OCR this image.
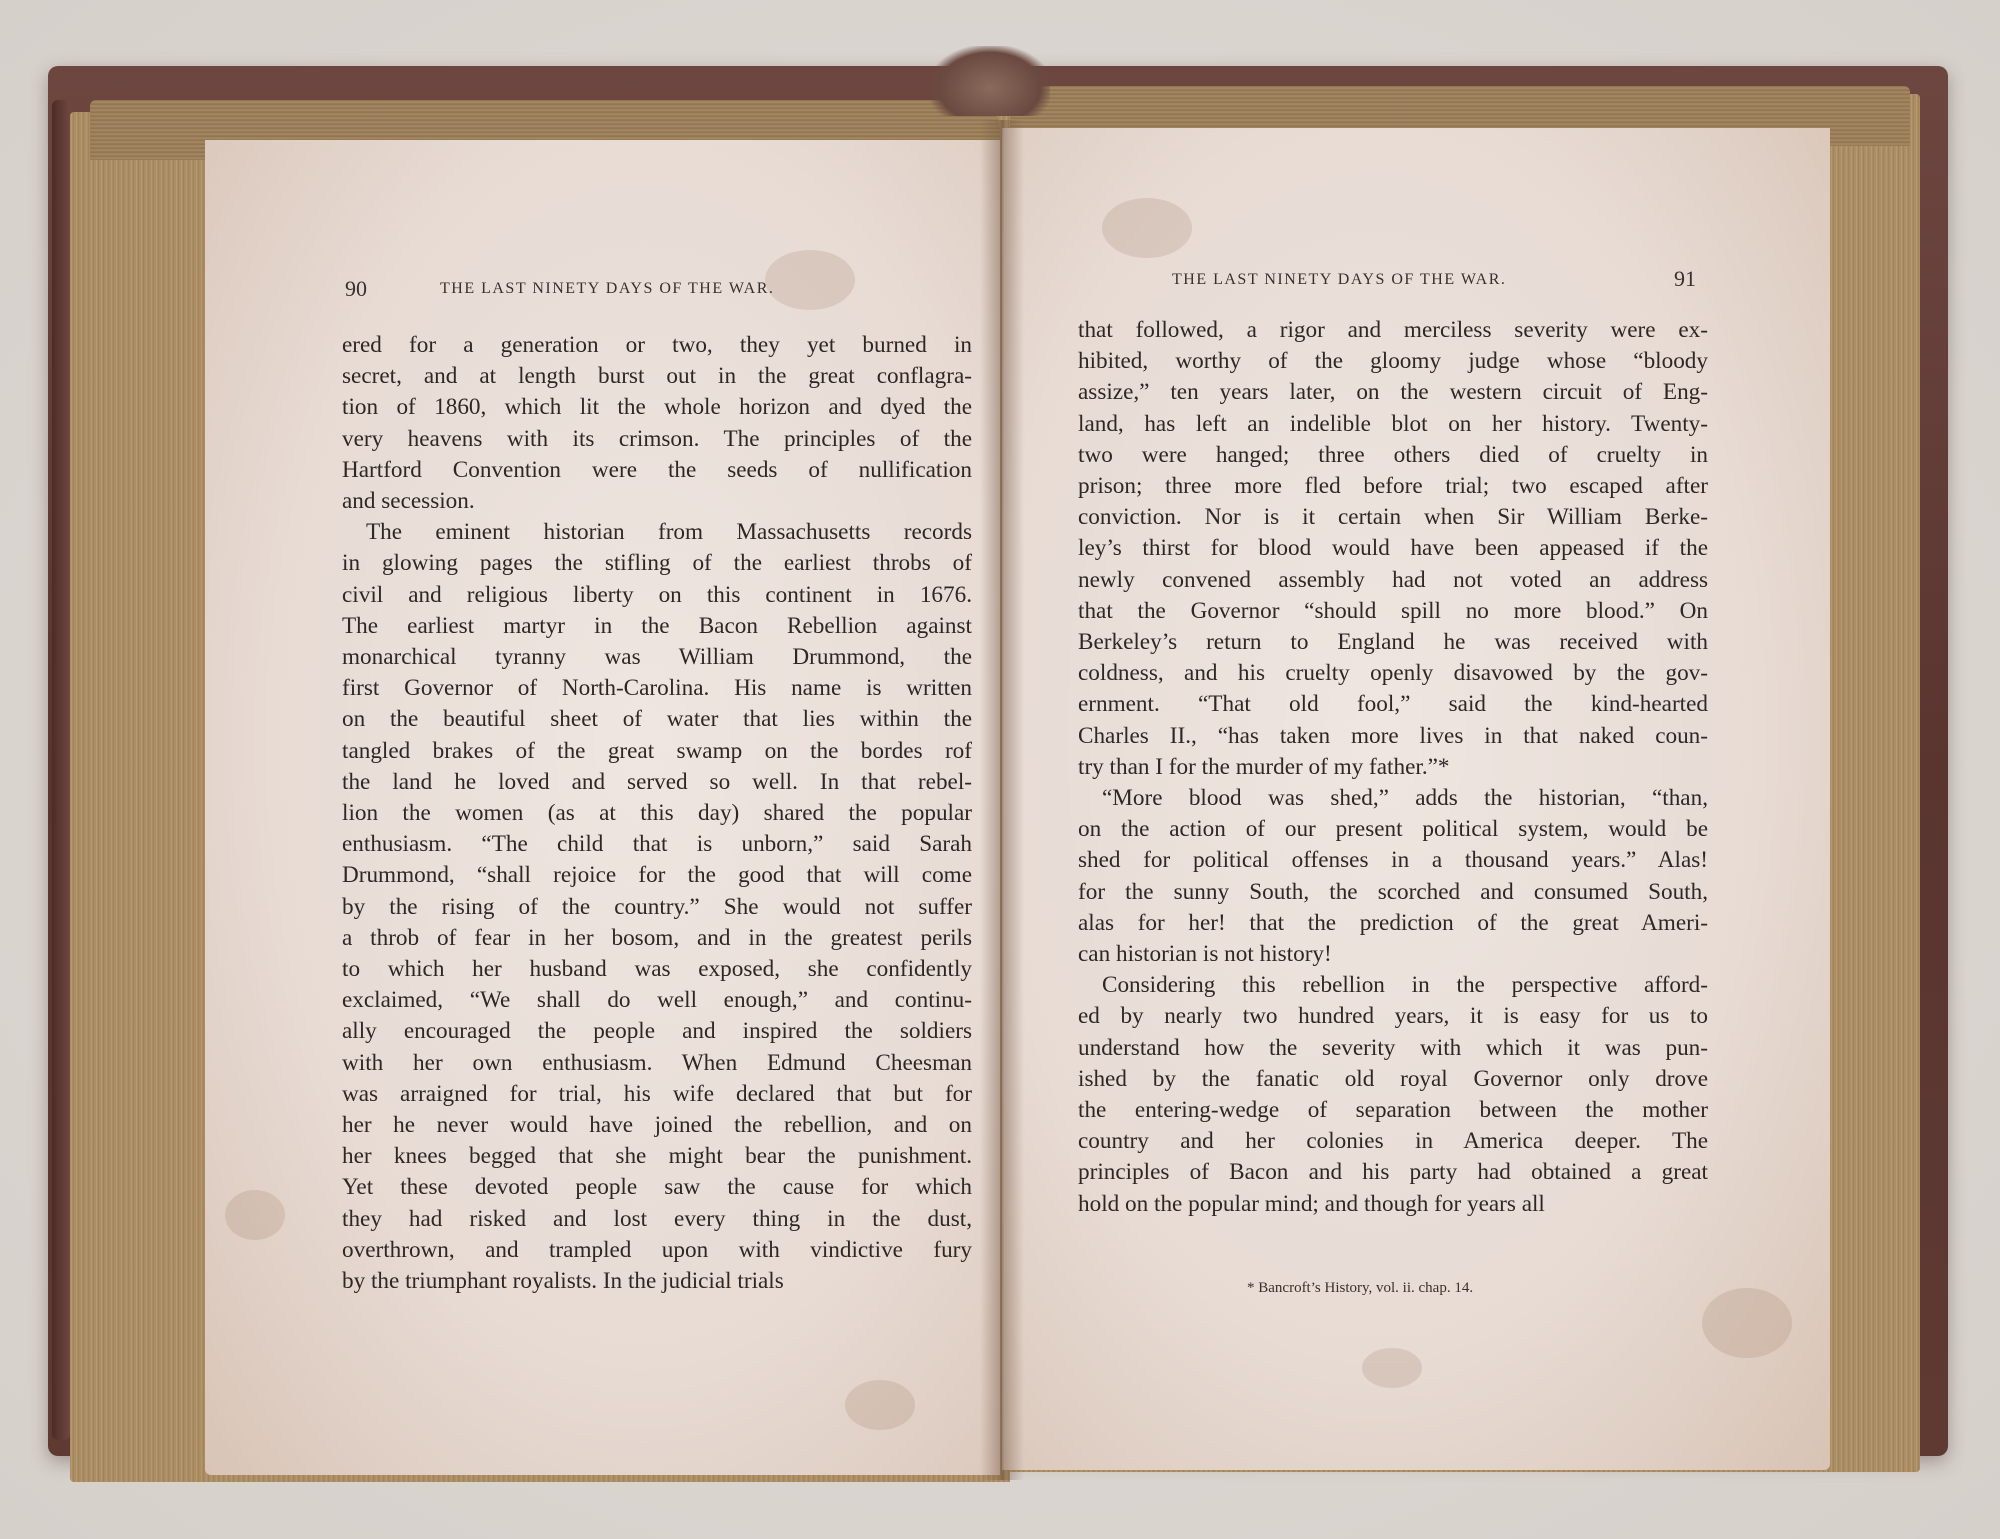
90	THE LAST NINETY DAYS OF THE WAR.
ered for a generation or two, they yet burned in
secret, and at length burst out in the great conflagra-
tion of 1860, which lit the whole horizon and dyed the
very heavens with its crimson. The principles of the
Hartford Convention were the seeds of nullification
and secession.
The eminent historian from Massachusetts records
in glowing pages the stifling of the earliest throbs of
civil and religious liberty on this continent in 1676.
The earliest martyr in the Bacon Rebellion against
monarchical tyranny was William Drummond, the
first Governor of North-Carolina. His name is written
on the beautiful sheet of water that lies within the
tangled brakes of the great swamp on the bordes rof
the land he loved and served so well. In that rebel-
lion the women (as at this day) shared the popular
enthusiasm. “The child that is unborn,” said Sarah
Drummond, “shall rejoice for the good that will come
by the rising of the country.” She would not suffer
a throb of fear in her bosom, and in the greatest perils
to which her husband was exposed, she confidently
exclaimed, “We shall do well enough,” and continu-
ally encouraged the people and inspired the soldiers
with her own enthusiasm. When Edmund Cheesman
was arraigned for trial, his wife declared that but for
her he never would have joined the rebellion, and on
her knees begged that she might bear the punishment.
Yet these devoted people saw the cause for which
they had risked and lost every thing in the dust,
overthrown, and trampled upon with vindictive fury
by the triumphant royalists. In the judicial trials
THE LAST NINETY DAYS OF THE WAR.	91
that followed, a rigor and merciless severity were ex-
hibited, worthy of the gloomy judge whose “bloody
assize,” ten years later, on the western circuit of Eng-
land, has left an indelible blot on her history. Twenty-
two were hanged; three others died of cruelty in
prison; three more fled before trial; two escaped after
conviction. Nor is it certain when Sir William Berke-
ley’s thirst for blood would have been appeased if the
newly convened assembly had not voted an address
that the Governor “should spill no more blood.” On
Berkeley’s return to England he was received with
coldness, and his cruelty openly disavowed by the gov-
ernment. “That old fool,” said the kind-hearted
Charles II., “has taken more lives in that naked coun-
try than I for the murder of my father.”*
“More blood was shed,” adds the historian, “than,
on the action of our present political system, would be
shed for political offenses in a thousand years.” Alas!
for the sunny South, the scorched and consumed South,
alas for her! that the prediction of the great Ameri-
can historian is not history!
Considering this rebellion in the perspective afford-
ed by nearly two hundred years, it is easy for us to
understand how the severity with which it was pun-
ished by the fanatic old royal Governor only drove
the entering-wedge of separation between the mother
country and her colonies in America deeper. The
principles of Bacon and his party had obtained a great
hold on the popular mind; and though for years all
* Bancroft’s History, vol. ii. chap. 14.
